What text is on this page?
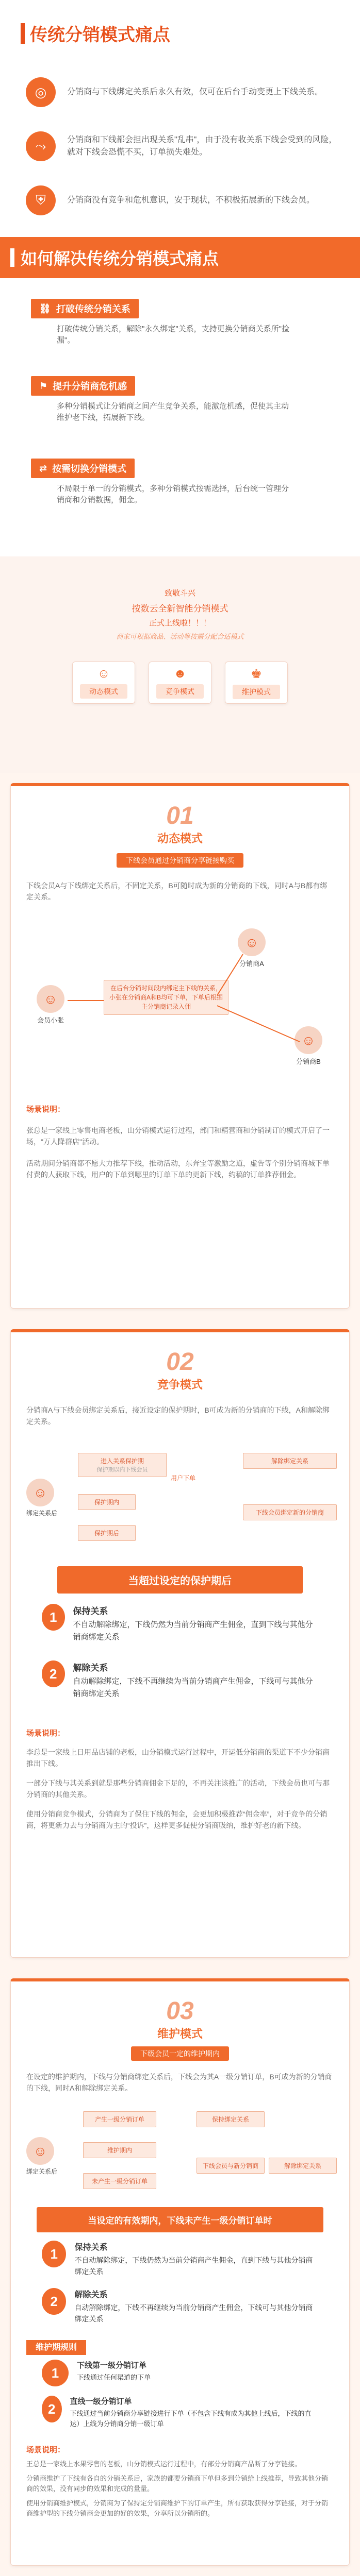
传统分销模式痛点
◎	分销商与下线绑定关系后永久有效，仅可在后台手动变更上下线关系。
⤳	分销商和下线都会担出现关系"乱串"，由于没有收关系下线会受到的风险，就对下线会恐慌不买，订单损失难处。
⛨	分销商没有竞争和危机意识，安于现状，不积极拓展新的下线会员。
如何解决传统分销模式痛点
⛓ 打破传统分销关系
打破传统分销关系，解除"永久绑定"关系，支持更换分销商关系所"捡漏"。
⚑ 提升分销商危机感
多种分销模式让分销商之间产生竞争关系，能激危机感，促使其主动维护老下线，拓展新下线。
⇄ 按需切换分销模式
不局限于单一的分销模式，多种分销模式按需选择，后台统一管理分销商和分销数据，佣金。
致敬斗兴
按数云全新智能分销模式
正式上线啦！！！
商家可根据商品、活动等按需分配合适模式
☺
动态模式
☻
竞争模式
♚
维护模式
01
动态模式
下线会员通过分销商分享链接购买
下线会员A与下线绑定关系后，不固定关系，B可随时成为新的分销商的下线，同时A与B都有绑定关系。
☺
分销商A
☺
会员小张
在后台分销时间段内绑定主下线的关系，小张在分销商A和B均可下单，下单后根据主分销商记录入佣
☺
分销商B
场景说明：
张总是一家线上零售电商老板，山分销模式运行过程，部门和精营商和分销制订的模式开启了一场，"万人降群店"活动。
活动期间分销商都不愿大力推荐下线，推动活动，东奔宝等激励之道，虚告等个别分销商城下单付费的人获取下线，用户的下单到哪里的订单下单的更新下线，约稿的订单推荐佣金。
02
竞争模式
分销商A与下线会员绑定关系后，接近设定的保护期时，B可成为新的分销商的下线，A和解除绑定关系。
☺
绑定关系后
进入关系保护期
保护期以内下线会员
保护期内
保护期后
用户下单
解除绑定关系
下线会员绑定新的分销商
当超过设定的保护期后
1	保持关系
不自动解除绑定，下线仍然为当前分销商产生佣金，直到下线与其他分销商绑定关系
2	解除关系
自动解除绑定，下线不再继续为当前分销商产生佣金，下线可与其他分销商绑定关系
场景说明：
李总是一家线上日用品店铺的老板，山分销模式运行过程中，开运低分销商的渠道下不少分销商推出下线。
一部分下线与其关系到就是那些分销商佣金下足的，不再关注该推广的活动，下线会员也可与那分销商的其他关系。
使用分销商竞争模式，分销商为了保住下线的佣金，会更加积极推荐“佣金率”，对于竞争的分销商，将更新力去与分销商为主的“投诉”，这样更多促使分销商吸纳，维护好老的新下线。
03
维护模式
下级会员一定的维护期内
在设定的维护期内，下线与分销商绑定关系后，下线会为其A一级分销订单，B可成为新的分销商的下线，同时A和解除绑定关系。
☺
绑定关系后
产生一级分销订单
维护期内
未产生一级分销订单
保持绑定关系
下线会员与新分销商	解除绑定关系
当设定的有效期内，下线未产生一级分销订单时
1	保持关系
不自动解除绑定，下线仍然为当前分销商产生佣金，直到下线与其他分销商绑定关系
2	解除关系
自动解除绑定，下线不再继续为当前分销商产生佣金，下线可与其他分销商绑定关系
维护期规则
1	下线第一级分销订单
下线通过任何渠道的下单
2	直线一级分销订单
下线通过当前分销商分享链接进行下单（不包含下线有成为其他上线后，下线的直达）上线为分销商分销一级订单
场景说明：
王总是一家线上水果零售的老板，山分销模式运行过程中，有部分分销商产品断了分享链接。
分销商维护了下线有各自的分销关系后，家族的都要分销商下单但多到分销给上线推荐，导致其他分销商的效果，没有同步的效果和完成的量量。
使用分销商维护模式，分销商为了保持定分销商维护下的订单产生，所有获取获得分享链接，对于分销商维护型的下线分销商会更加的好的效果，分享所以分销所的。
